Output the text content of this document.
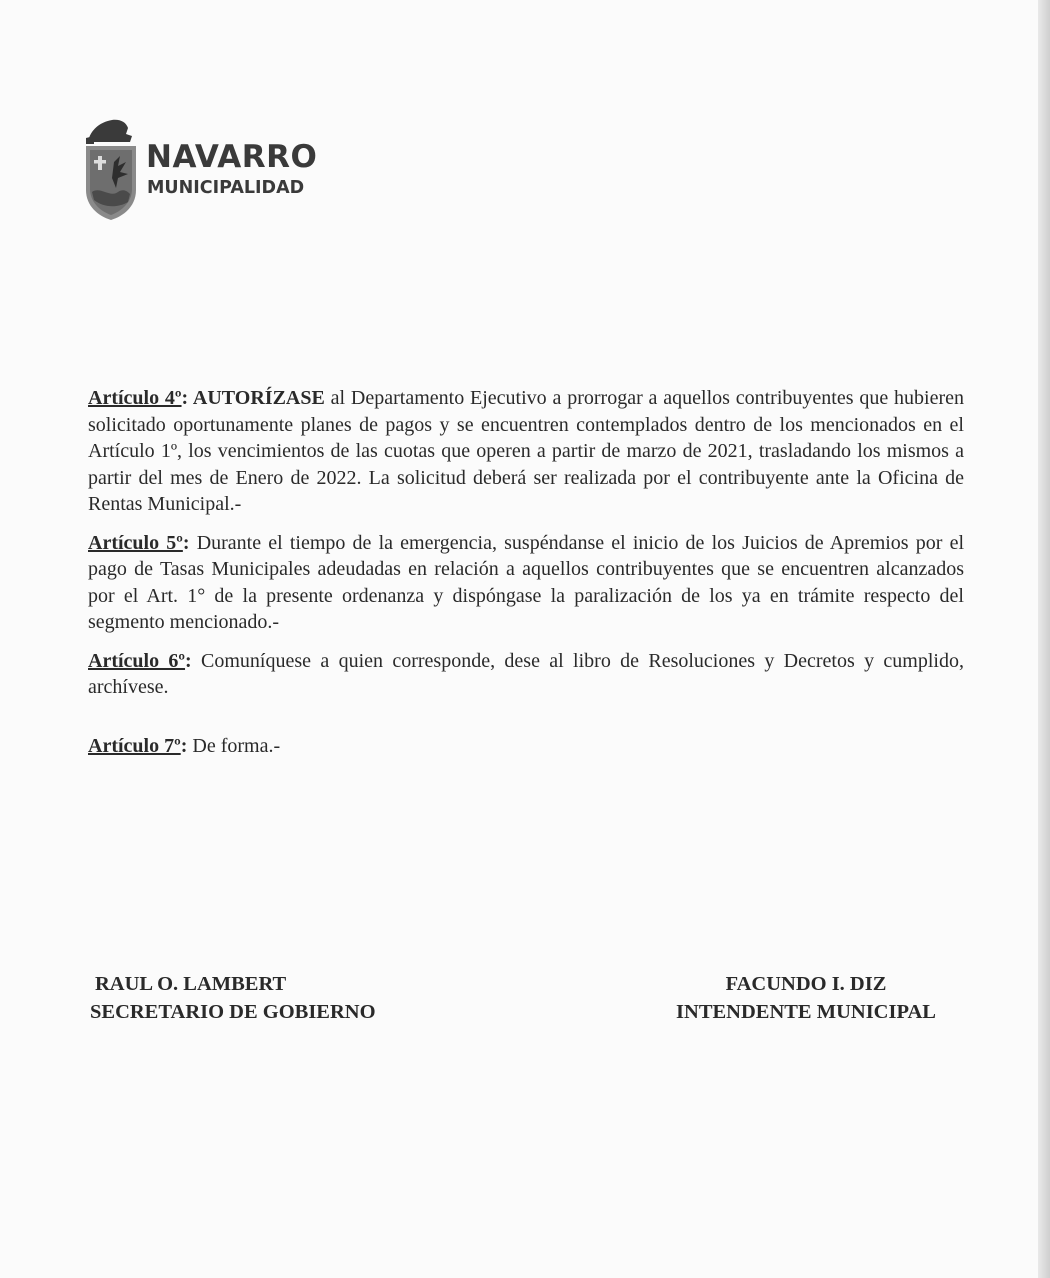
NAVARRO
MUNICIPALIDAD

Artículo 4º: AUTORÍZASE al Departamento Ejecutivo a prorrogar a aquellos contribuyentes que hubieren solicitado oportunamente planes de pagos y se encuentren contemplados dentro de los mencionados en el Artículo 1º, los vencimientos de las cuotas que operen a partir de marzo de 2021, trasladando los mismos a partir del mes de Enero de 2022. La solicitud deberá ser realizada por el contribuyente ante la Oficina de Rentas Municipal.-

Artículo 5º: Durante el tiempo de la emergencia, suspéndanse el inicio de los Juicios de Apremios por el pago de Tasas Municipales adeudadas en relación a aquellos contribuyentes que se encuentren alcanzados por el Art. 1° de la presente ordenanza y dispóngase la paralización de los ya en trámite respecto del segmento mencionado.-

Artículo 6º: Comuníquese a quien corresponde, dese al libro de Resoluciones y Decretos y cumplido, archívese.

Artículo 7º: De forma.-

RAUL O. LAMBERT
SECRETARIO DE GOBIERNO
FACUNDO I. DIZ
INTENDENTE MUNICIPAL
